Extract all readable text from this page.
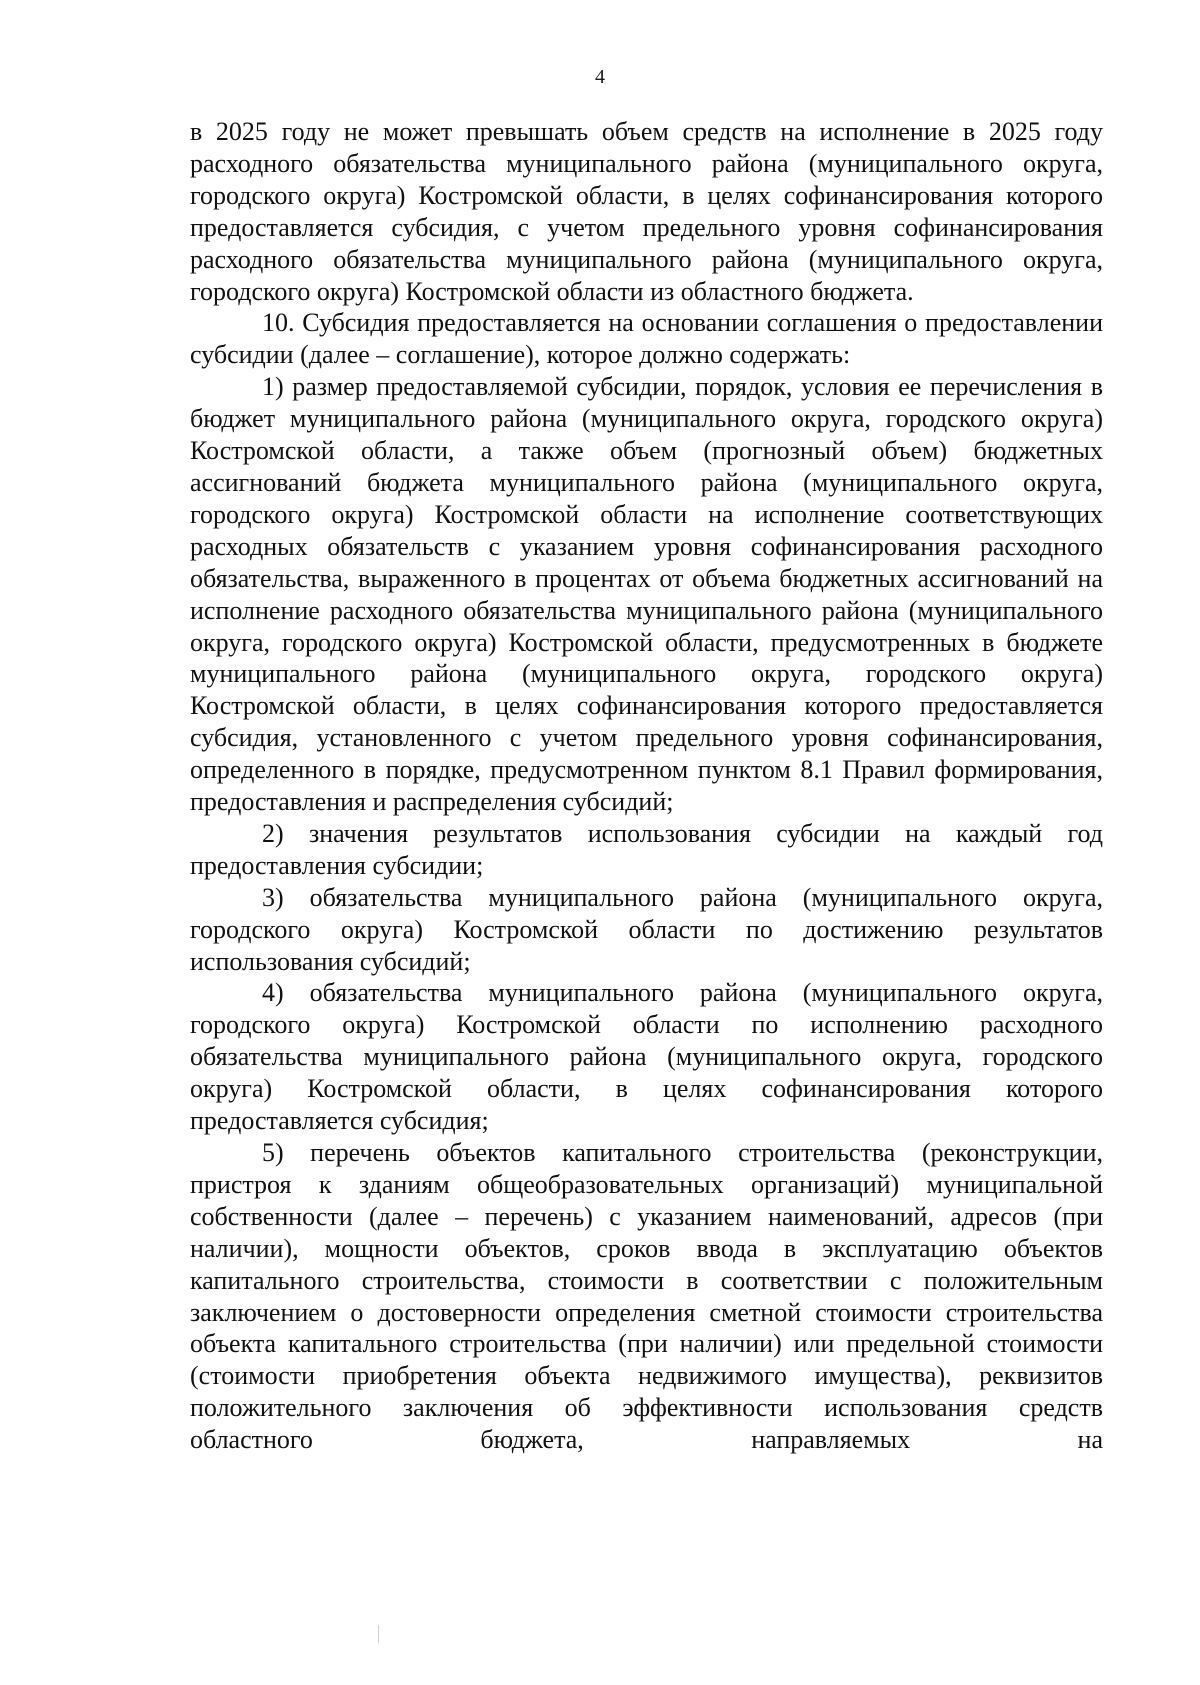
4

в 2025 году не может превышать объем средств на исполнение в 2025 году расходного обязательства муниципального района (муниципального округа, городского округа) Костромской области, в целях софинансирования которого предоставляется субсидия, с учетом предельного уровня софинансирования расходного обязательства муниципального района (муниципального округа, городского округа) Костромской области из областного бюджета.

10. Субсидия предоставляется на основании соглашения о предоставлении субсидии (далее – соглашение), которое должно содержать:

1) размер предоставляемой субсидии, порядок, условия ее перечисления в бюджет муниципального района (муниципального округа, городского округа) Костромской области, а также объем (прогнозный объем) бюджетных ассигнований бюджета муниципального района (муниципального округа, городского округа) Костромской области на исполнение соответствующих расходных обязательств с указанием уровня софинансирования расходного обязательства, выраженного в процентах от объема бюджетных ассигнований на исполнение расходного обязательства муниципального района (муниципального округа, городского округа) Костромской области, предусмотренных в бюджете муниципального района (муниципального округа, городского округа) Костромской области, в целях софинансирования которого предоставляется субсидия, установленного с учетом предельного уровня софинансирования, определенного в порядке, предусмотренном пунктом 8.1 Правил формирования, предоставления и распределения субсидий;

2) значения результатов использования субсидии на каждый год предоставления субсидии;

3) обязательства муниципального района (муниципального округа, городского округа) Костромской области по достижению результатов использования субсидий;

4) обязательства муниципального района (муниципального округа, городского округа) Костромской области по исполнению расходного обязательства муниципального района (муниципального округа, городского округа) Костромской области, в целях софинансирования которого предоставляется субсидия;

5) перечень объектов капитального строительства (реконструкции, пристроя к зданиям общеобразовательных организаций) муниципальной собственности (далее – перечень) с указанием наименований, адресов (при наличии), мощности объектов, сроков ввода в эксплуатацию объектов капитального строительства, стоимости в соответствии с положительным заключением о достоверности определения сметной стоимости строительства объекта капитального строительства (при наличии) или предельной стоимости (стоимости приобретения объекта недвижимого имущества), реквизитов положительного заключения об эффективности использования средств областного бюджета, направляемых на
